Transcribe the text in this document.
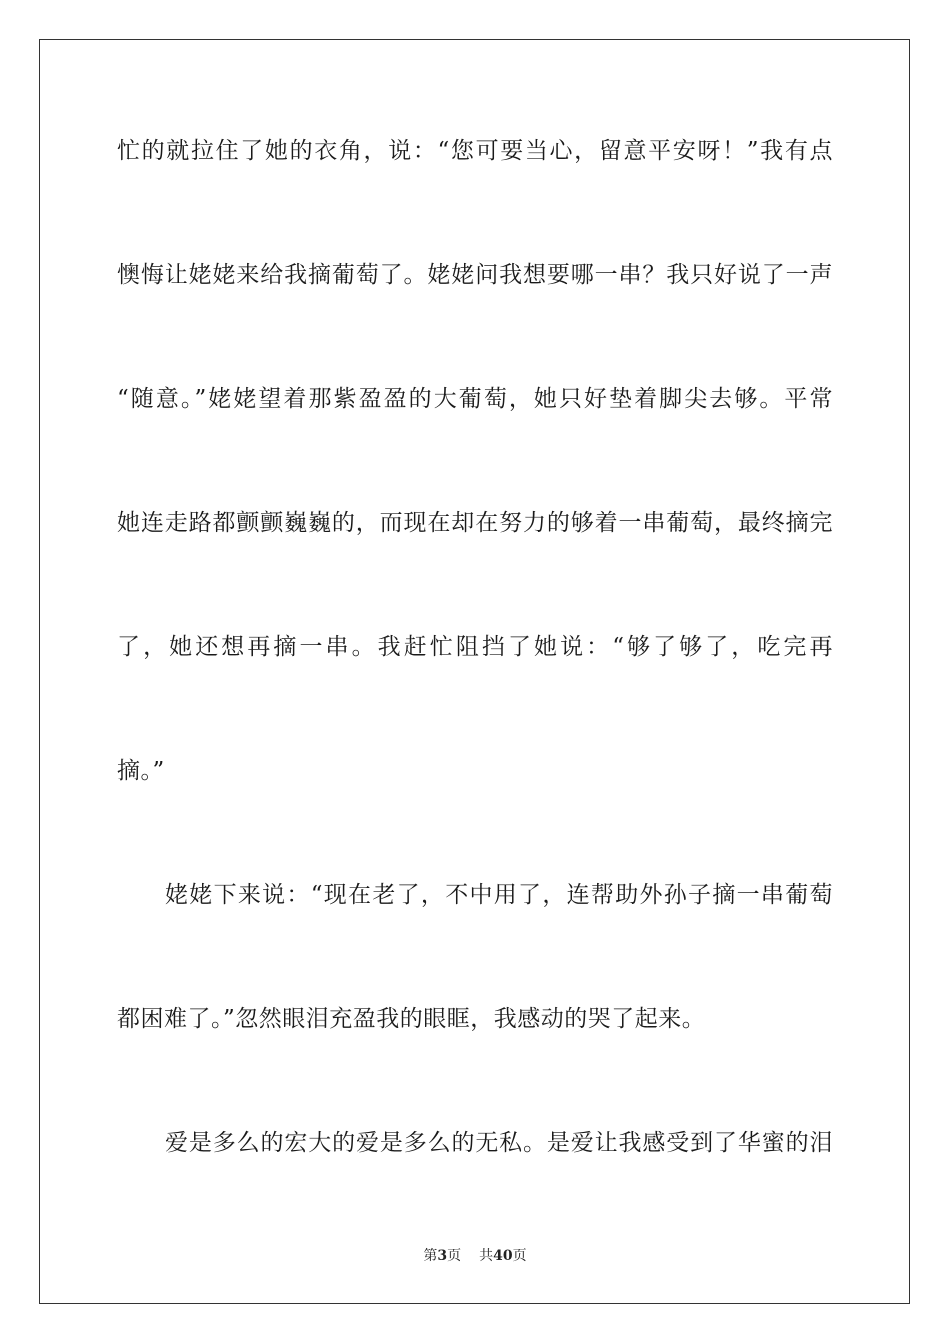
忙的就拉住了她的衣角，说：“您可要当心，留意平安呀！”我有点
懊悔让姥姥来给我摘葡萄了。姥姥问我想要哪一串？我只好说了一声
“随意。”姥姥望着那紫盈盈的大葡萄，她只好垫着脚尖去够。平常
她连走路都颤颤巍巍的，而现在却在努力的够着一串葡萄，最终摘完
了，她还想再摘一串。我赶忙阻挡了她说：“够了够了，吃完再
摘。”
姥姥下来说：“现在老了，不中用了，连帮助外孙子摘一串葡萄
都困难了。”忽然眼泪充盈我的眼眶，我感动的哭了起来。
爱是多么的宏大的爱是多么的无私。是爱让我感受到了华蜜的泪
第3页 共40页
